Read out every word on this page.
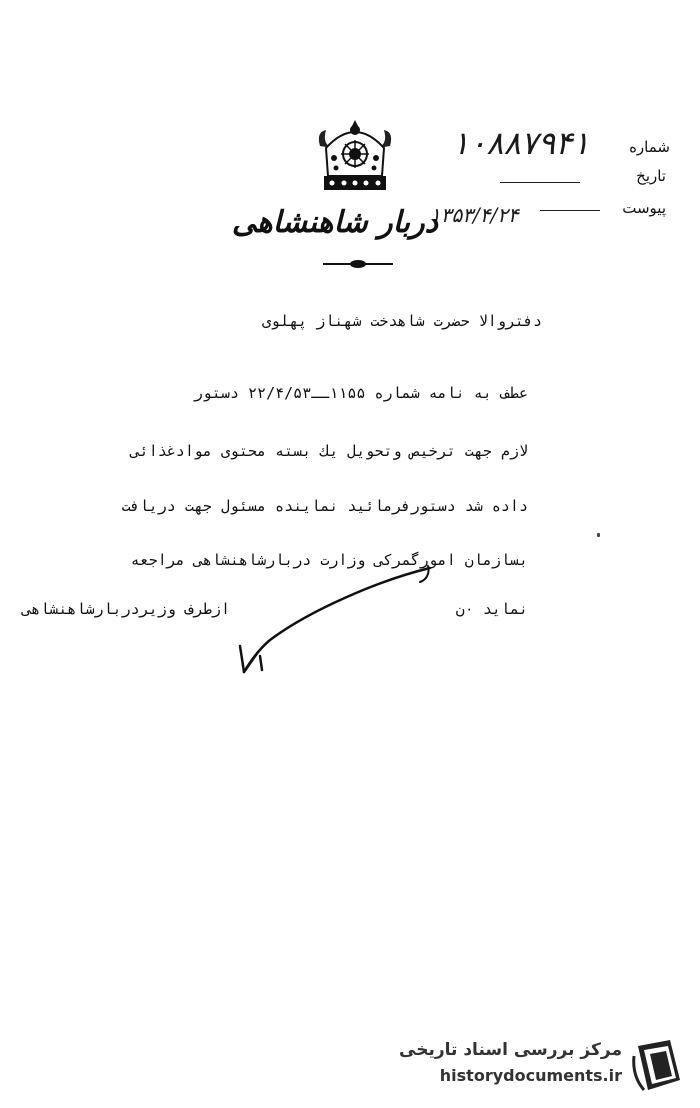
شماره
۱۰۸۸۷۹۴۱
تاریخ
پیوست
۱۳۵۳/۴/۲۴
دربار شاهنشاهی
دفتروالا حضرت شاهدخت شهناز پهلوی
عطف به نامه شماره ۱۱۵۵ــ۲۲/۴/۵۳ دستور
لازم جهت ترخیص وتحویل یك بسته محتوی موادغذائی
داده شد دستورفرمائید نماینده مسئول جهت دریافت
بسازمان امورگمرکی وزارت دربارشاهنشاهی مراجعه
نماید ۰ن
ازطرف وزیردربارشاهنشاهی
مرکز بررسی اسناد تاریخی
historydocuments.ir
